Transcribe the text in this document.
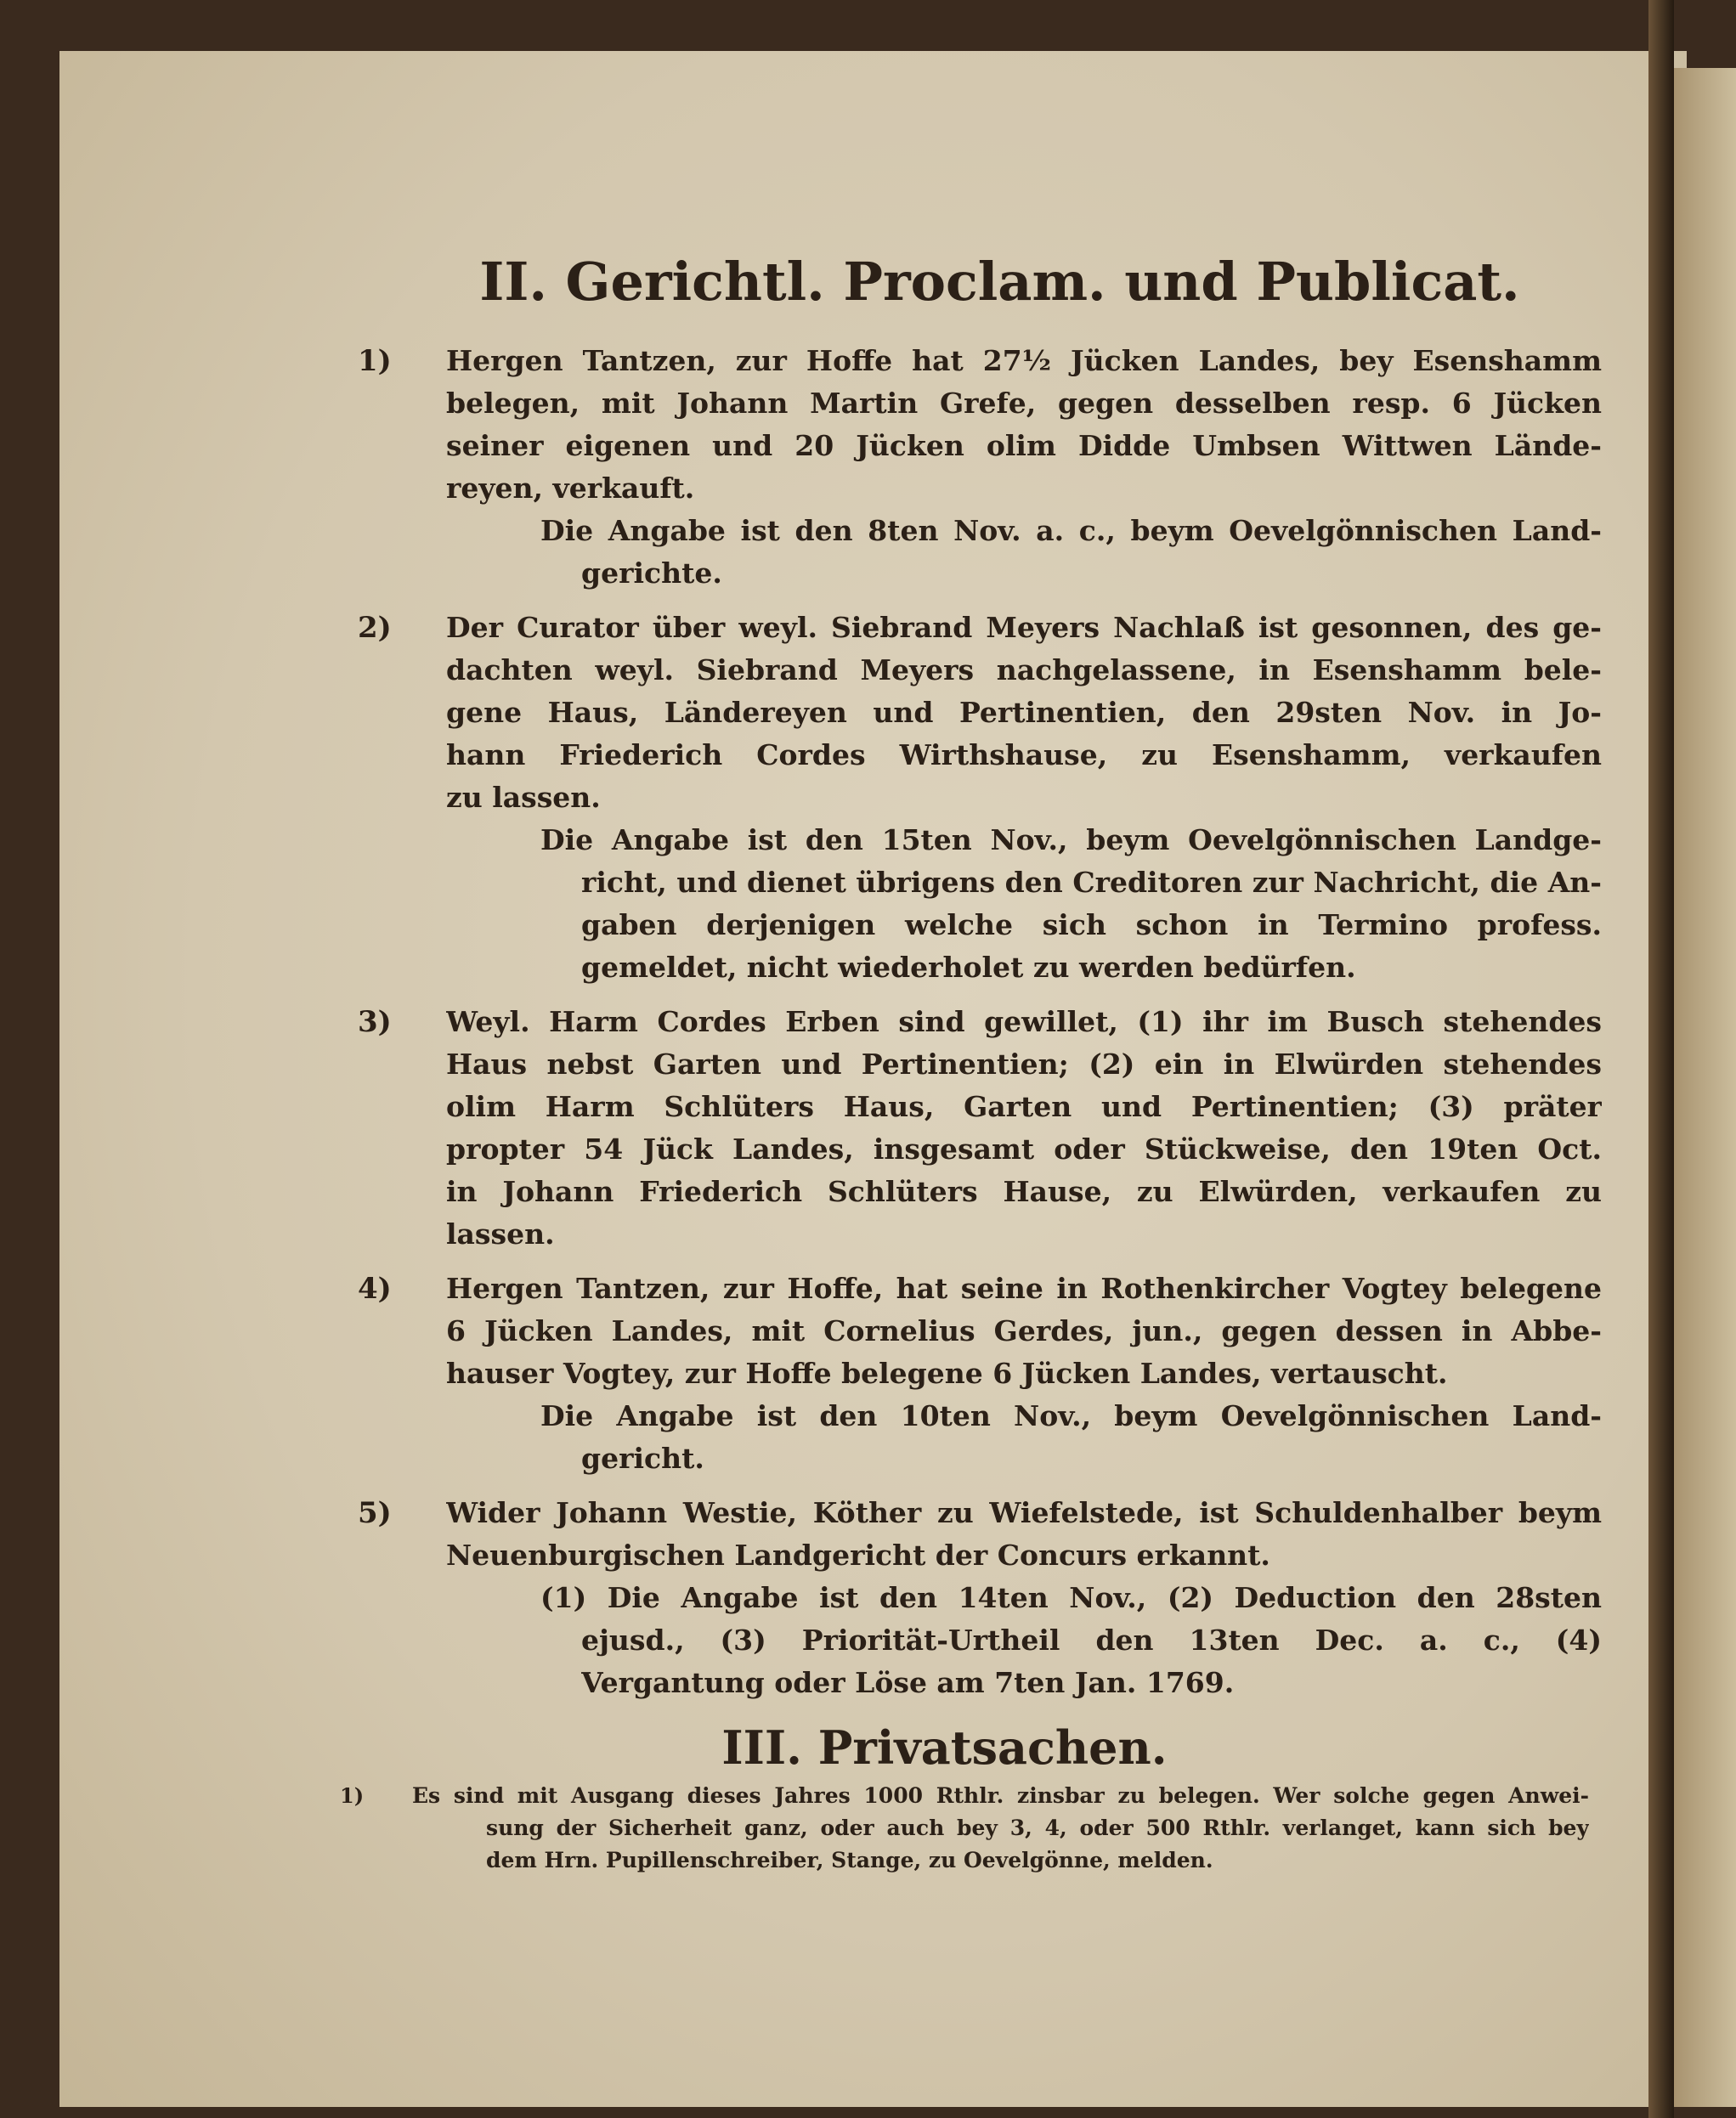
II. Gerichtl. Proclam. und Publicat.
1) Hergen Tantzen, zur Hoffe hat 27½ Jücken Landes, bey Esenshamm
belegen, mit Johann Martin Grefe, gegen desselben resp. 6 Jücken
seiner eigenen und 20 Jücken olim Didde Umbsen Wittwen Lände-
reyen, verkauft.
Die Angabe ist den 8ten Nov. a. c., beym Oevelgönnischen Land-
gerichte.
2) Der Curator über weyl. Siebrand Meyers Nachlaß ist gesonnen, des ge-
dachten weyl. Siebrand Meyers nachgelassene, in Esenshamm bele-
gene Haus, Ländereyen und Pertinentien, den 29sten Nov. in Jo-
hann Friederich Cordes Wirthshause, zu Esenshamm, verkaufen
zu lassen.
Die Angabe ist den 15ten Nov., beym Oevelgönnischen Landge-
richt, und dienet übrigens den Creditoren zur Nachricht, die An-
gaben derjenigen welche sich schon in Termino profess.
gemeldet, nicht wiederholet zu werden bedürfen.
3) Weyl. Harm Cordes Erben sind gewillet, (1) ihr im Busch stehendes
Haus nebst Garten und Pertinentien; (2) ein in Elwürden stehendes
olim Harm Schlüters Haus, Garten und Pertinentien; (3) präter
propter 54 Jück Landes, insgesamt oder Stückweise, den 19ten Oct.
in Johann Friederich Schlüters Hause, zu Elwürden, verkaufen zu
lassen.
4) Hergen Tantzen, zur Hoffe, hat seine in Rothenkircher Vogtey belegene
6 Jücken Landes, mit Cornelius Gerdes, jun., gegen dessen in Abbe-
hauser Vogtey, zur Hoffe belegene 6 Jücken Landes, vertauscht.
Die Angabe ist den 10ten Nov., beym Oevelgönnischen Land-
gericht.
5) Wider Johann Westie, Köther zu Wiefelstede, ist Schuldenhalber beym
Neuenburgischen Landgericht der Concurs erkannt.
(1) Die Angabe ist den 14ten Nov., (2) Deduction den 28sten
ejusd., (3) Priorität-Urtheil den 13ten Dec. a. c., (4)
Vergantung oder Löse am 7ten Jan. 1769.
III. Privatsachen.
1) Es sind mit Ausgang dieses Jahres 1000 Rthlr. zinsbar zu belegen. Wer solche gegen Anwei-
sung der Sicherheit ganz, oder auch bey 3, 4, oder 500 Rthlr. verlanget, kann sich bey
dem Hrn. Pupillenschreiber, Stange, zu Oevelgönne, melden.
